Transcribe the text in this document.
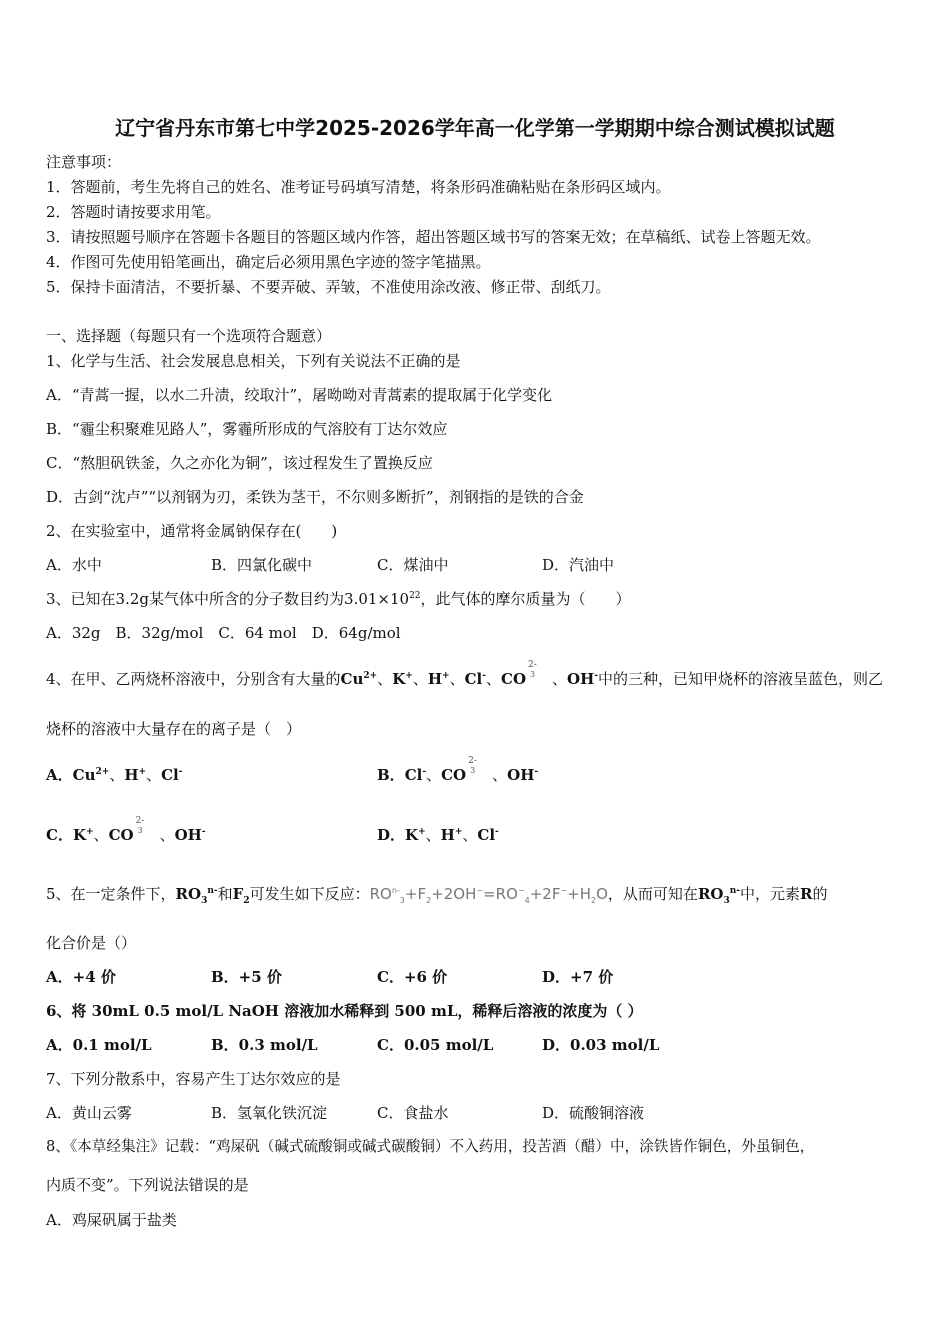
辽宁省丹东市第七中学2025-2026学年高一化学第一学期期中综合测试模拟试题
注意事项：
1．答题前，考生先将自己的姓名、准考证号码填写清楚，将条形码准确粘贴在条形码区域内。
2．答题时请按要求用笔。
3．请按照题号顺序在答题卡各题目的答题区域内作答，超出答题区域书写的答案无效；在草稿纸、试卷上答题无效。
4．作图可先使用铅笔画出，确定后必须用黑色字迹的签字笔描黑。
5．保持卡面清洁，不要折暴、不要弄破、弄皱，不准使用涂改液、修正带、刮纸刀。
一、选择题（每题只有一个选项符合题意）
1、化学与生活、社会发展息息相关，下列有关说法不正确的是
A．“青蒿一握，以水二升渍，绞取汁”，屠呦呦对青蒿素的提取属于化学变化
B．“霾尘积聚难见路人”，雾霾所形成的气溶胶有丁达尔效应
C．“熬胆矾铁釜，久之亦化为铜”，该过程发生了置换反应
D．古剑“沈卢”“以剂钢为刃，柔铁为茎干，不尔则多断折”，剂钢指的是铁的合金
2、在实验室中，通常将金属钠保存在(　　)
A．水中	B．四氯化碳中	C．煤油中	D．汽油中
3、已知在3.2g某气体中所含的分子数目约为$3.01\times 10^{22}$，此气体的摩尔质量为（　　）
A．32g　B．32g/mol　C．64 mol　D．64g/mol
4、在甲、乙两烧杯溶液中，分别含有大量的$Cu^{2+}$、K+、H+、Cl-、CO
2-
3 、OH-中的三种，已知甲烧杯的溶液呈蓝色，则乙
烧杯的溶液中大量存在的离子是（　）
A．$Cu^{2+}$、H+、Cl-	B．Cl-、CO
2-
3 、OH-
C．K+、CO
2-
3 、OH-	D．K+、H+、Cl-
5、在一定条件下，$RO_3^{n-}$和$F_2$可发生如下反应：$RO^{n-}_3+F_2+2OH^-=RO^-_4+2F^-+H_2O$，从而可知在$RO_3^{n-}$中，元素R的
化合价是（）
A．+4 价	B．+5 价	C．+6 价	D．+7 价
6、将 30mL 0.5 mol/L NaOH 溶液加水稀释到 500 mL，稀释后溶液的浓度为（ ）
A．0.1 mol/L	B．0.3 mol/L	C．0.05 mol/L	D．0.03 mol/L
7、下列分散系中，容易产生丁达尔效应的是
A．黄山云雾	B．氢氧化铁沉淀	C．食盐水	D．硫酸铜溶液
8、《本草经集注》记载：“鸡屎矾（碱式硫酸铜或碱式碳酸铜）不入药用，投苦酒（醋）中，涂铁皆作铜色，外虽铜色，
内质不变”。下列说法错误的是
A．鸡屎矾属于盐类
